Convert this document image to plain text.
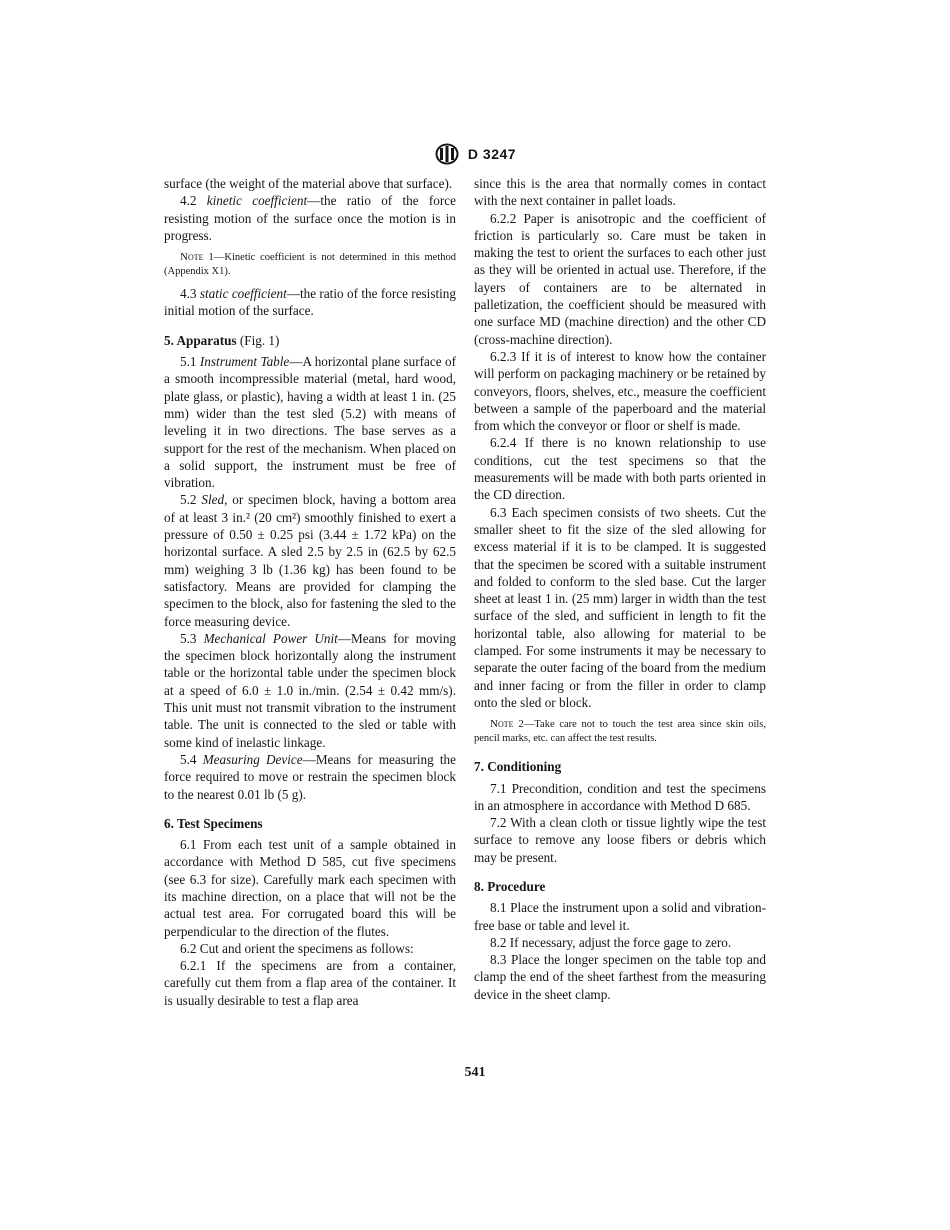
D 3247

surface (the weight of the material above that surface).

4.2 kinetic coefficient—the ratio of the force resisting motion of the surface once the motion is in progress.

Note 1—Kinetic coefficient is not determined in this method (Appendix X1).

4.3 static coefficient—the ratio of the force resisting initial motion of the surface.

5. Apparatus (Fig. 1)

5.1 Instrument Table—A horizontal plane surface of a smooth incompressible material (metal, hard wood, plate glass, or plastic), having a width at least 1 in. (25 mm) wider than the test sled (5.2) with means of leveling it in two directions. The base serves as a support for the rest of the mechanism. When placed on a solid support, the instrument must be free of vibration.

5.2 Sled, or specimen block, having a bottom area of at least 3 in.² (20 cm²) smoothly finished to exert a pressure of 0.50 ± 0.25 psi (3.44 ± 1.72 kPa) on the horizontal surface. A sled 2.5 by 2.5 in (62.5 by 62.5 mm) weighing 3 lb (1.36 kg) has been found to be satisfactory. Means are provided for clamping the specimen to the block, also for fastening the sled to the force measuring device.

5.3 Mechanical Power Unit—Means for moving the specimen block horizontally along the instrument table or the horizontal table under the specimen block at a speed of 6.0 ± 1.0 in./min. (2.54 ± 0.42 mm/s). This unit must not transmit vibration to the instrument table. The unit is connected to the sled or table with some kind of inelastic linkage.

5.4 Measuring Device—Means for measuring the force required to move or restrain the specimen block to the nearest 0.01 lb (5 g).

6. Test Specimens

6.1 From each test unit of a sample obtained in accordance with Method D 585, cut five specimens (see 6.3 for size). Carefully mark each specimen with its machine direction, on a place that will not be the actual test area. For corrugated board this will be perpendicular to the direction of the flutes.

6.2 Cut and orient the specimens as follows:

6.2.1 If the specimens are from a container, carefully cut them from a flap area of the container. It is usually desirable to test a flap area

since this is the area that normally comes in contact with the next container in pallet loads.

6.2.2 Paper is anisotropic and the coefficient of friction is particularly so. Care must be taken in making the test to orient the surfaces to each other just as they will be oriented in actual use. Therefore, if the layers of containers are to be alternated in palletization, the coefficient should be measured with one surface MD (machine direction) and the other CD (cross-machine direction).

6.2.3 If it is of interest to know how the container will perform on packaging machinery or be retained by conveyors, floors, shelves, etc., measure the coefficient between a sample of the paperboard and the material from which the conveyor or floor or shelf is made.

6.2.4 If there is no known relationship to use conditions, cut the test specimens so that the measurements will be made with both parts oriented in the CD direction.

6.3 Each specimen consists of two sheets. Cut the smaller sheet to fit the size of the sled allowing for excess material if it is to be clamped. It is suggested that the specimen be scored with a suitable instrument and folded to conform to the sled base. Cut the larger sheet at least 1 in. (25 mm) larger in width than the test surface of the sled, and sufficient in length to fit the horizontal table, also allowing for material to be clamped. For some instruments it may be necessary to separate the outer facing of the board from the medium and inner facing or from the filler in order to clamp onto the sled or block.

Note 2—Take care not to touch the test area since skin oils, pencil marks, etc. can affect the test results.

7. Conditioning

7.1 Precondition, condition and test the specimens in an atmosphere in accordance with Method D 685.

7.2 With a clean cloth or tissue lightly wipe the test surface to remove any loose fibers or debris which may be present.

8. Procedure

8.1 Place the instrument upon a solid and vibration-free base or table and level it.

8.2 If necessary, adjust the force gage to zero.

8.3 Place the longer specimen on the table top and clamp the end of the sheet farthest from the measuring device in the sheet clamp.

541
